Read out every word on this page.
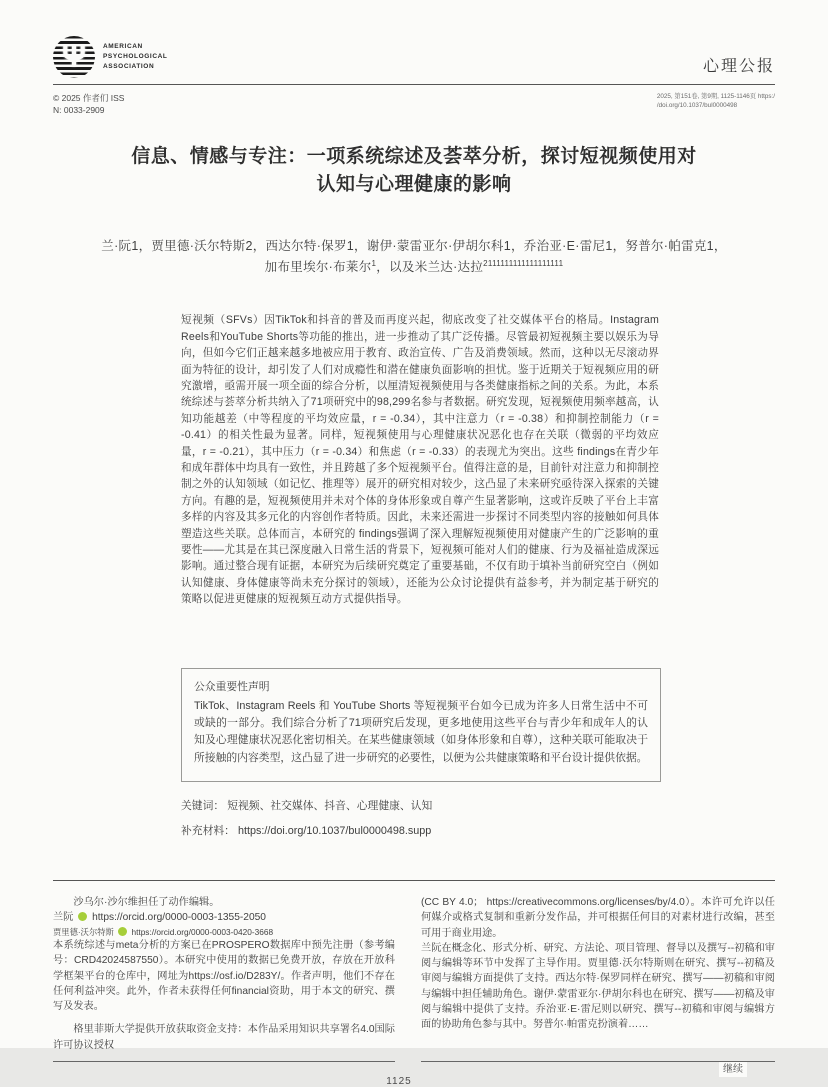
Ψ	AMERICAN
PSYCHOLOGICAL
ASSOCIATION	心理公报
© 2025 作者们 ISS
N: 0033-2909
2025, 第151卷, 第9期, 1125-1146页 https:/
/doi.org/10.1037/bul0000498
信息、情感与专注：一项系统综述及荟萃分析，探讨短视频使用对
认知与心理健康的影响
兰·阮1，贾里德·沃尔特斯2，西达尔特·保罗1，谢伊·蒙雷亚尔·伊胡尔科1，乔治亚·E·雷尼1，努普尔·帕雷克1，
加布里埃尔·布莱尔$^1$，以及米兰达·达拉$^{2111111111111111111}$
短视频（SFVs）因TikTok和抖音的普及而再度兴起，彻底改变了社交媒体平台的格局。Instagram Reels和YouTube Shorts等功能的推出，进一步推动了其广泛传播。尽管最初短视频主要以娱乐为导向，但如今它们正越来越多地被应用于教育、政治宣传、广告及消费领域。然而，这种以无尽滚动界面为特征的设计，却引发了人们对成瘾性和潜在健康负面影响的担忧。鉴于近期关于短视频应用的研究激增，亟需开展一项全面的综合分析，以厘清短视频使用与各类健康指标之间的关系。为此，本系统综述与荟萃分析共纳入了71项研究中的98,299名参与者数据。研究发现，短视频使用频率越高，认知功能越差（中等程度的平均效应量，r = -0.34），其中注意力（r = -0.38）和抑制控制能力（r = -0.41）的相关性最为显著。同样，短视频使用与心理健康状况恶化也存在关联（微弱的平均效应量，r = -0.21），其中压力（r = -0.34）和焦虑（r = -0.33）的表现尤为突出。这些 findings在青少年和成年群体中均具有一致性，并且跨越了多个短视频平台。值得注意的是，目前针对注意力和抑制控制之外的认知领域（如记忆、推理等）展开的研究相对较少，这凸显了未来研究亟待深入探索的关键方向。有趣的是，短视频使用并未对个体的身体形象或自尊产生显著影响，这或许反映了平台上丰富多样的内容及其多元化的内容创作者特质。因此，未来还需进一步探讨不同类型内容的接触如何具体塑造这些关联。总体而言，本研究的 findings强调了深入理解短视频使用对健康产生的广泛影响的重要性——尤其是在其已深度融入日常生活的背景下，短视频可能对人们的健康、行为及福祉造成深远影响。通过整合现有证据，本研究为后续研究奠定了重要基础，不仅有助于填补当前研究空白（例如认知健康、身体健康等尚未充分探讨的领域），还能为公众讨论提供有益参考，并为制定基于研究的策略以促进更健康的短视频互动方式提供指导。

公众重要性声明

TikTok、Instagram Reels 和 YouTube Shorts 等短视频平台如今已成为许多人日常生活中不可或缺的一部分。我们综合分析了71项研究后发现，更多地使用这些平台与青少年和成年人的认知及心理健康状况恶化密切相关。在某些健康领域（如身体形象和自尊），这种关联可能取决于所接触的内容类型，这凸显了进一步研究的必要性，以便为公共健康策略和平台设计提供依据。
关键词： 短视频、社交媒体、抖音、心理健康、认知
补充材料： https://doi.org/10.1037/bul0000498.supp

沙乌尔·沙尔维担任了动作编辑。

兰阮 https://orcid.org/0000-0003-1355-2050

贾里德·沃尔特斯 https://orcid.org/0000-0003-0420-3668

本系统综述与meta分析的方案已在PROSPERO数据库中预先注册（参考编号：CRD42024587550）。本研究中使用的数据已免费开放，存放在开放科学框架平台的仓库中，网址为https://osf.io/D283Y/。作者声明，他们不存在任何利益冲突。此外，作者未获得任何financial资助，用于本文的研究、撰写及发表。

格里菲斯大学提供开放获取资金支持：本作品采用知识共享署名4.0国际许可协议授权

(CC BY 4.0； https://creativecommons.org/licenses/by/4.0）。本许可允许以任何媒介或格式复制和重新分发作品，并可根据任何目的对素材进行改编，甚至可用于商业用途。

兰阮在概念化、形式分析、研究、方法论、项目管理、督导以及撰写--初稿和审阅与编辑等环节中发挥了主导作用。贾里德·沃尔特斯则在研究、撰写--初稿及审阅与编辑方面提供了支持。西达尔特·保罗同样在研究、撰写——初稿和审阅与编辑中担任辅助角色。谢伊·蒙雷亚尔·伊胡尔科也在研究、撰写——初稿及审阅与编辑中提供了支持。乔治亚·E·雷尼则以研究、撰写--初稿和审阅与编辑方面的协助角色参与其中。努普尔·帕雷克扮演着……

继续
1125
